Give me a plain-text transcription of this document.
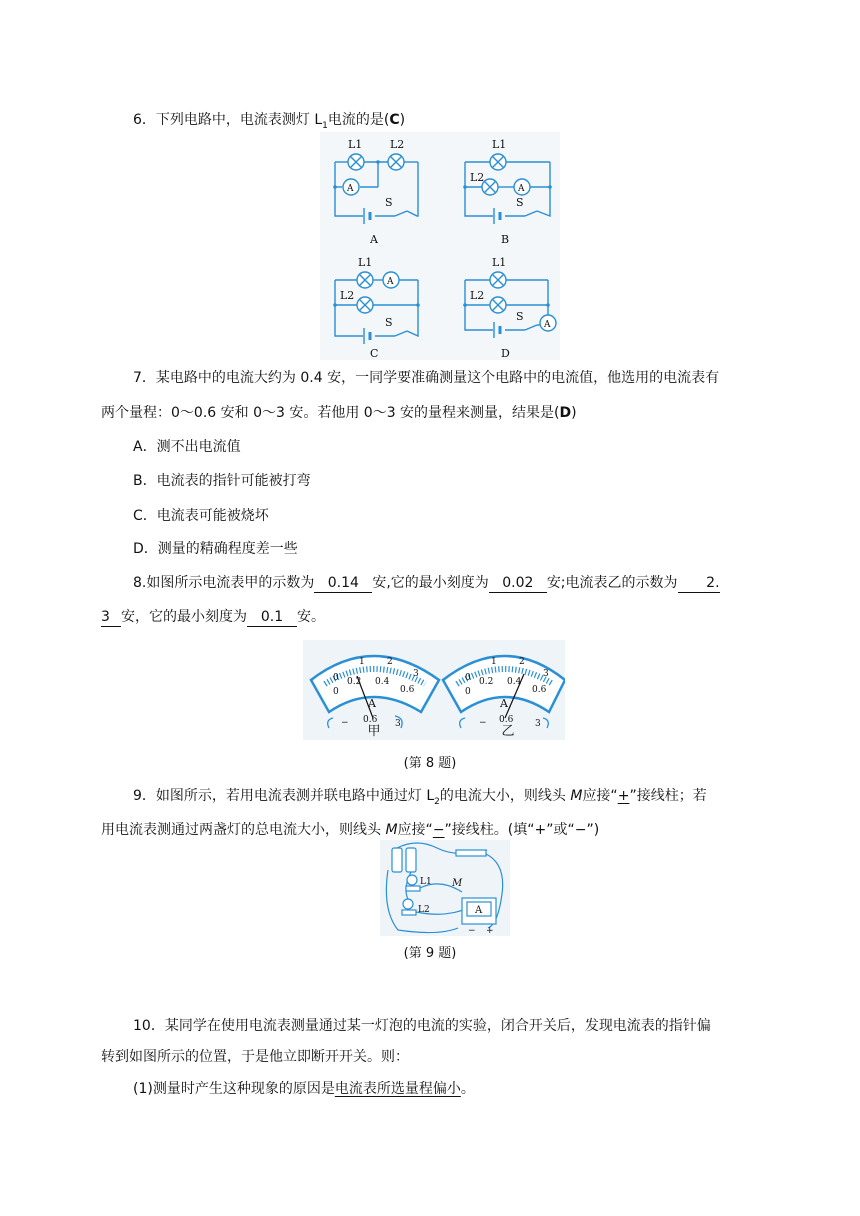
6．下列电路中，电流表测灯 $L_1$电流的是(C)
L1	L2
A
S
A
L1
L2
A
S
B
L1
A
L2
S
C
L1
L2
S
A
D
7．某电路中的电流大约为 0.4 安，一同学要准确测量这个电路中的电流值，他选用的电流表有
两个量程：0～0.6 安和 0～3 安。若他用 0～3 安的量程来测量，结果是(D)
A．测不出电流值
B．电流表的指针可能被打弯
C．电流表可能被烧坏
D．测量的精确程度差一些
8.如图所示电流表甲的示数为 0.14 安,它的最小刻度为 0.02 安;电流表乙的示数为 2.
3 安，它的最小刻度为 0.1 安。
0
1 2
3
0
0.2 0.4
0.6
A
− 0.6 3
0
1 2
3
0
0.2 0.4
0.6
A
− 0.6 3
甲	乙
(第 8 题)
9．如图所示，若用电流表测并联电路中通过灯 $L_2$的电流大小，则线头 M应接“+”接线柱；若
用电流表测通过两盏灯的总电流大小，则线头 M应接“−”接线柱。(填“+”或“−”)
L1
L2
M
A
− +
(第 9 题)
10．某同学在使用电流表测量通过某一灯泡的电流的实验，闭合开关后，发现电流表的指针偏
转到如图所示的位置，于是他立即断开开关。则：
(1)测量时产生这种现象的原因是电流表所选量程偏小。
